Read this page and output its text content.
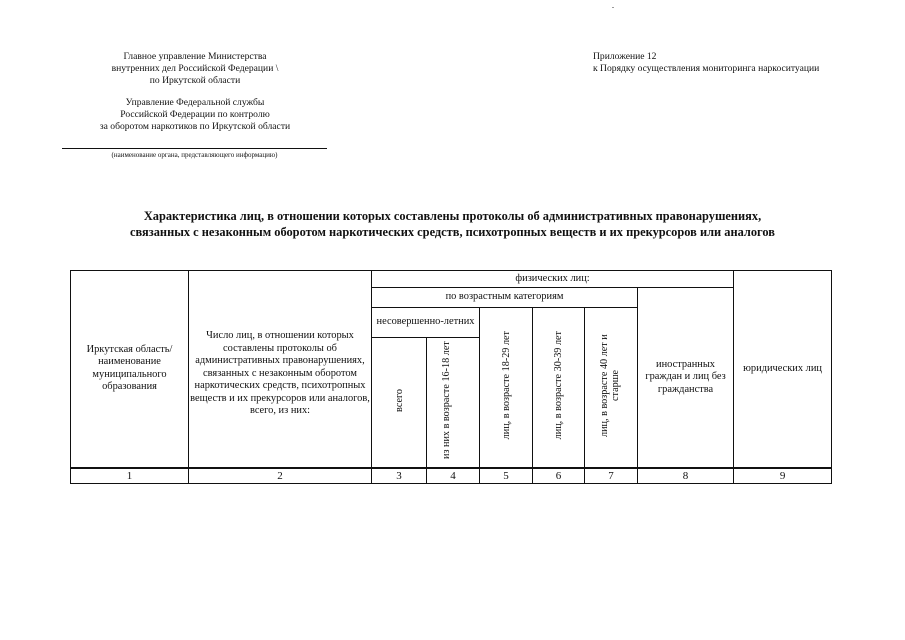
Главное управление Министерства
внутренних дел Российской Федерации \
по Иркутской области
Управление Федеральной службы
Российской Федерации по контролю
за оборотом наркотиков по Иркутской области
(наименование органа, представляющего информацию)
Приложение 12
к Порядку осуществления мониторинга наркоситуации
Характеристика лиц, в отношении которых составлены протоколы об административных правонарушениях,
связанных с незаконным оборотом наркотических средств, психотропных веществ и их прекурсоров или аналогов
Иркутская область/ наименование муниципального образования	Число лиц, в отношении которых составлены протоколы об административных правонарушениях, связанных с незаконным оборотом наркотических средств, психотропных веществ и их прекурсоров или аналогов, всего, из них:	физических лиц:						юридических лиц
		по возрастным категориям					иностранных граждан и лиц без гражданства	
		несовершенно-летних		лиц, в возрасте 18-29 лет	лиц, в возрасте 30-39 лет	лиц, в возрасте 40 лет и старше		
		всего	из них в возрасте 16-18 лет					
1	2	3	4	5	6	7	8	9
